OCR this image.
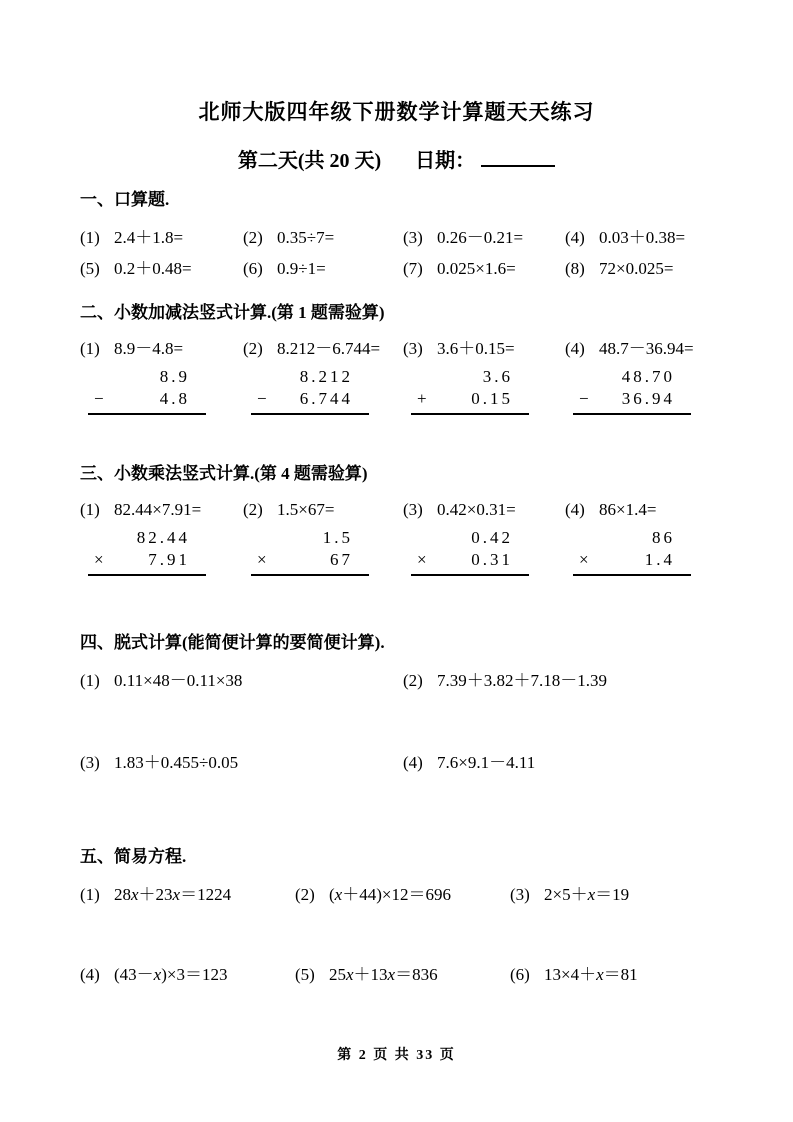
北师大版四年级下册数学计算题天天练习
第二天(共 20 天) 日期：
一、口算题.
(1) 2.4＋1.8=	(2) 0.35÷7=	(3) 0.26－0.21=	(4) 0.03＋0.38=
(5) 0.2＋0.48=	(6) 0.9÷1=	(7) 0.025×1.6=	(8) 72×0.025=
二、小数加减法竖式计算.(第 1 题需验算)
(1) 8.9－4.8=	(2) 8.212－6.744=	(3) 3.6＋0.15=	(4) 48.7－36.94=
8.9
−	4.8
8.212
− 6.744
3.6
+	0.15
48.70
− 36.94
三、小数乘法竖式计算.(第 4 题需验算)
(1) 82.44×7.91=	(2) 1.5×67=	(3) 0.42×0.31=	(4) 86×1.4=
82.44
×	7.91
1.5
×	67
0.42
×	0.31
86
×	1.4
四、脱式计算(能简便计算的要简便计算).
(1) 0.11×48－0.11×38	(2) 7.39＋3.82＋7.18－1.39
(3) 1.83＋0.455÷0.05	(4) 7.6×9.1－4.11
五、简易方程.
(1) 28x＋23x＝1224	(2) (x＋44)×12＝696	(3) 2×5＋x＝19
(4) (43－x)×3＝123	(5) 25x＋13x＝836	(6) 13×4＋x＝81
第 2 页 共 33 页
